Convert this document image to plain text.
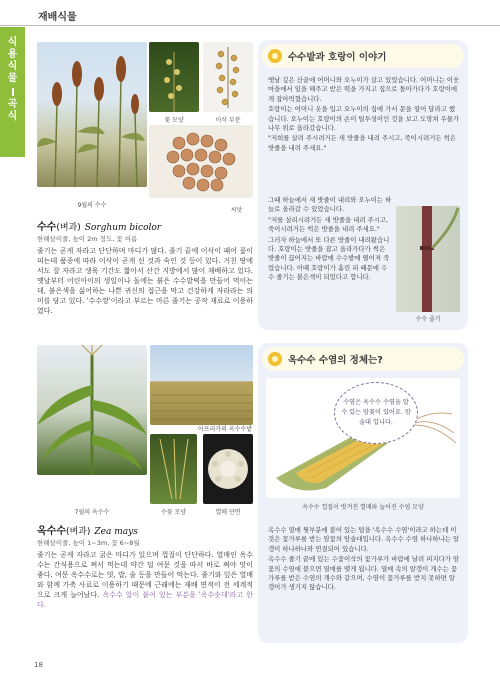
재배식물
식
용
식
물
곡
식
9월의 수수
꽃 모양	이삭 부분
씨앗
수수(벼과) Sorghum bicolor
한해살이풀, 높이 2m 정도, 꽃 여름
줄기는 곧게 자라고 단단하며 마디가 많다. 줄기 끝에 이삭이 패어 꽃이 피는데 품종에 따라 이삭이 곧게 선 것과 숙인 것 등이 있다. 거친 땅에서도 잘 자라고 생육 기간도 짧아서 산간 지방에서 많이 재배하고 있다. 옛날부터 어린아이의 생일이나 돌에는 붉은 수수밭떡을 만들어 먹이는데, 붉은색을 싫어하는 나쁜 귀신의 접근을 막고 건강하게 자라라는 의미를 담고 있다. '수수깡'이라고 부르는 마른 줄기는 공작 재료로 이용하였다.
수수밭과 호랑이 이야기

옛날 깊은 산골에 어머니와 오누이가 살고 있었습니다. 어머니는 이웃 마을에서 일을 해주고 받은 떡을 가지고 집으로 돌아가다가 호랑이에게 잡아먹혔습니다.

호랑이는 어머니 옷을 입고 오누이의 집에 가서 문을 열어 달라고 했습니다. 오누이는 호랑이의 손이 털투성이인 것을 보고 도망쳐 우물가 나무 위로 올라갔습니다.

"저희를 살려 주시려거든 새 밧줄을 내려 주시고, 죽이시려거든 썩은 밧줄을 내려 주세요."

그때 하늘에서 새 밧줄이 내려와 오누이는 하늘로 올라갈 수 있었습니다.

"저를 살리시려거든 새 밧줄을 내려 주시고, 죽이시려거든 썩은 밧줄을 내려 주세요."

그러자 하늘에서 또 다른 밧줄이 내려왔습니다. 호랑이는 밧줄을 잡고 올라가다가 썩은 밧줄이 끊어지는 바람에 수수밭에 떨어져 죽었습니다. 이때 호랑이가 흘린 피 때문에 수수 줄기는 붉은색이 되었다고 합니다.

수수 줄기
7월의 옥수수
아프리카의 옥수수밭
수꽃 모양	열매 단면
옥수수(벼과) Zea mays
한해살이풀, 높이 1~3m, 꽃 6~8월
줄기는 곧게 자라고 굵은 마디가 있으며 껍질이 단단하다. 열매인 옥수수는 간식용으로 쪄서 먹는데 약간 덜 여문 것을 따서 바로 쪄야 맛이 좋다. 여문 옥수수로는 엿, 밥, 술 등을 만들어 먹는다. 줄기와 잎은 열매와 함께 가축 사료로 이용하기 때문에 근래에는 재배 면적이 전 세계적으로 크게 늘어났다. 옥수수 알이 붙어 있는 부분을 '옥수숫대'라고 한다.
옥수수 수염의 정체는?
수염은 옥수수 수염을 알 수 있는 암꽃이 있어요. 암술대 입니다.
옥수수 껍질이 벗겨진 열매와 늘어진 수염 모양

옥수수 열매 윗부분에 붙어 있는 털을 '옥수수 수염'이라고 하는데 이것은 꽃가루를 받는 암꽃의 암술대입니다. 옥수수 수염 하나하나는 알갱이 하나하나와 연결되어 있습니다.

옥수수 줄기 끝에 있는 수꽃이삭의 꽃가루가 바람에 날려 퍼지다가 암꽃의 수염에 붙으면 열매를 맺게 됩니다. 열매 속의 알갱이 개수는 꽃가루를 받은 수염의 개수와 같으며, 수염이 꽃가루를 받지 못하면 알갱이가 생기지 않습니다.

18
